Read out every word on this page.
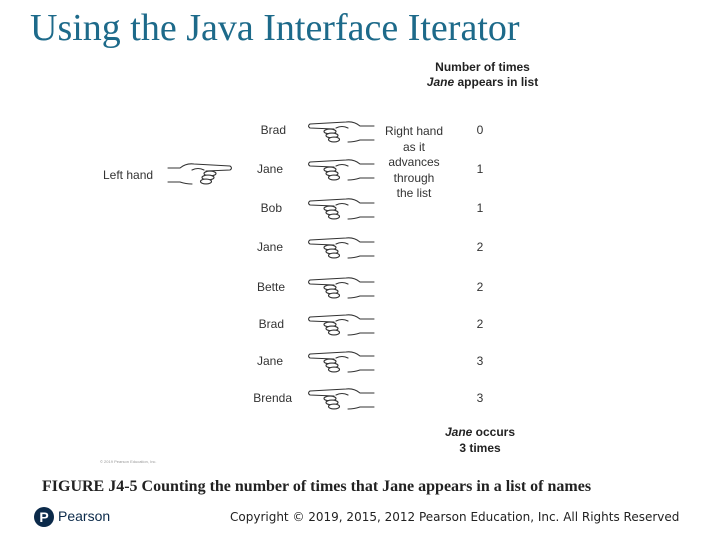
Using the Java Interface Iterator
Number of times
Jane appears in list
Left hand
Brad
Jane
Bob
Jane
Bette
Brad
Jane
Brenda
Right hand
as it
advances
through
the list
0
1
1
2
2
2
3
3
Jane occurs
3 times
© 2019 Pearson Education, Inc.
FIGURE J4-5 Counting the number of times that Jane appears in a list of names
P Pearson	Copyright © 2019, 2015, 2012 Pearson Education, Inc. All Rights Reserved
